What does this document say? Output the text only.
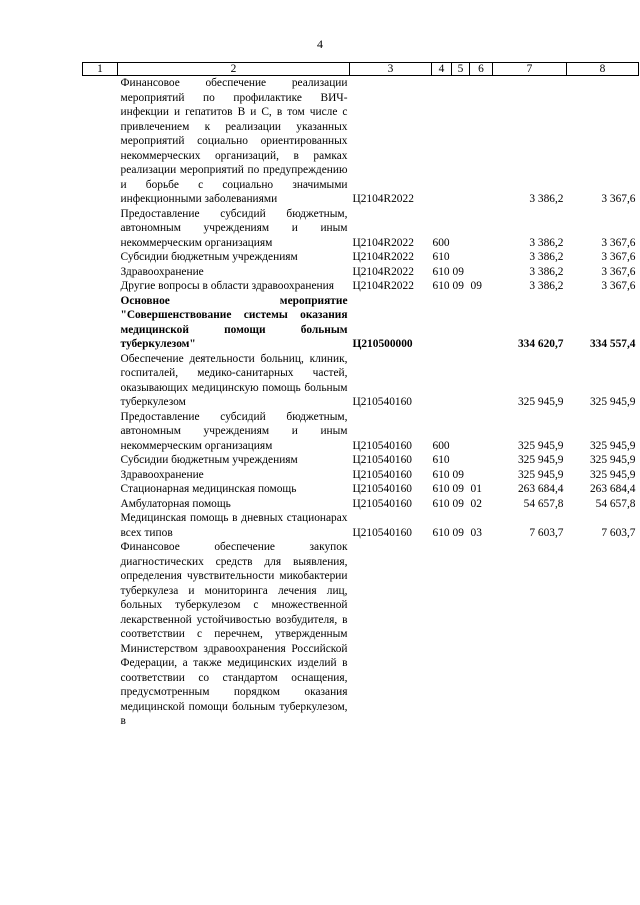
4
1	2	3	4	5	6	7	8
	Финансовое обеспечение реализации мероприятий по профилактике ВИЧ-инфекции и гепатитов В и С, в том числе с привлечением к реализации указанных мероприятий социально ориентированных некоммерческих организаций, в рамках реализации мероприятий по предупреждению и борьбе с социально значимыми инфекционными заболеваниями	Ц2104R2022				3 386,2	3 367,6
	Предоставление субсидий бюджетным, автономным учреждениям и иным некоммерческим организациям	Ц2104R2022	600			3 386,2	3 367,6
	Субсидии бюджетным учреждениям	Ц2104R2022	610			3 386,2	3 367,6
	Здравоохранение	Ц2104R2022	610	09		3 386,2	3 367,6
	Другие вопросы в области здравоохранения	Ц2104R2022	610	09	09	3 386,2	3 367,6
	Основное мероприятие "Совершенствование системы оказания медицинской помощи больным туберкулезом"	Ц210500000				334 620,7	334 557,4
	Обеспечение деятельности больниц, клиник, госпиталей, медико-санитарных частей, оказывающих медицинскую помощь больным туберкулезом	Ц210540160				325 945,9	325 945,9
	Предоставление субсидий бюджетным, автономным учреждениям и иным некоммерческим организациям	Ц210540160	600			325 945,9	325 945,9
	Субсидии бюджетным учреждениям	Ц210540160	610			325 945,9	325 945,9
	Здравоохранение	Ц210540160	610	09		325 945,9	325 945,9
	Стационарная медицинская помощь	Ц210540160	610	09	01	263 684,4	263 684,4
	Амбулаторная помощь	Ц210540160	610	09	02	54 657,8	54 657,8
	Медицинская помощь в дневных стационарах всех типов	Ц210540160	610	09	03	7 603,7	7 603,7
	Финансовое обеспечение закупок диагностических средств для выявления, определения чувствительности микобактерии туберкулеза и мониторинга лечения лиц, больных туберкулезом с множественной лекарственной устойчивостью возбудителя, в соответствии с перечнем, утвержденным Министерством здравоохранения Российской Федерации, а также медицинских изделий в соответствии со стандартом оснащения, предусмотренным порядком оказания медицинской помощи больным туберкулезом, в						
